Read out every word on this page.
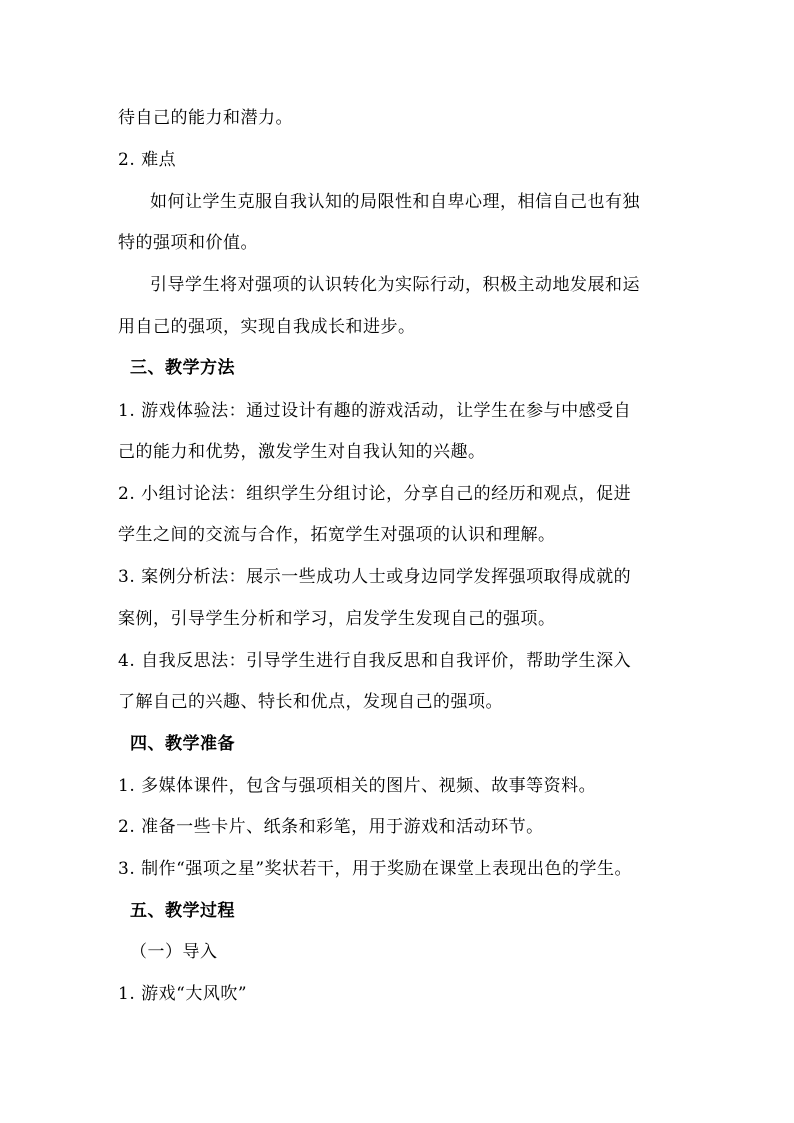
待自己的能力和潜力。
2. 难点
如何让学生克服自我认知的局限性和自卑心理，相信自己也有独
特的强项和价值。
引导学生将对强项的认识转化为实际行动，积极主动地发展和运
用自己的强项，实现自我成长和进步。
三、教学方法
1. 游戏体验法：通过设计有趣的游戏活动，让学生在参与中感受自
己的能力和优势，激发学生对自我认知的兴趣。
2. 小组讨论法：组织学生分组讨论，分享自己的经历和观点，促进
学生之间的交流与合作，拓宽学生对强项的认识和理解。
3. 案例分析法：展示一些成功人士或身边同学发挥强项取得成就的
案例，引导学生分析和学习，启发学生发现自己的强项。
4. 自我反思法：引导学生进行自我反思和自我评价，帮助学生深入
了解自己的兴趣、特长和优点，发现自己的强项。
四、教学准备
1. 多媒体课件，包含与强项相关的图片、视频、故事等资料。
2. 准备一些卡片、纸条和彩笔，用于游戏和活动环节。
3. 制作“强项之星”奖状若干，用于奖励在课堂上表现出色的学生。
五、教学过程
（一）导入
1. 游戏“大风吹”
